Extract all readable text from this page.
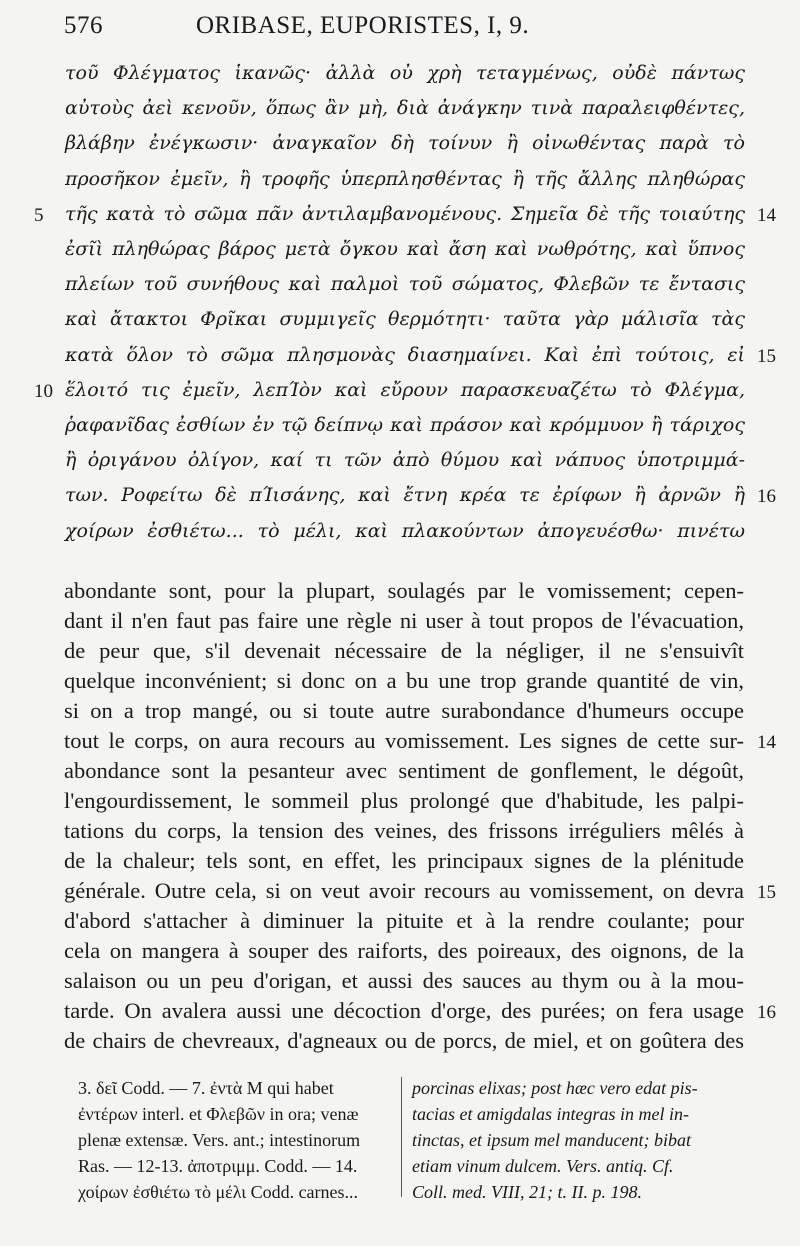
576	ORIBASE, EUPORISTES, I, 9.
τοῦ Φλέγματος ἱκανῶς· ἀλλὰ οὐ χρὴ τεταγμένως, οὐδὲ πάντως
αὐτοὺς ἀεὶ κενοῦν, ὅπως ἂν μὴ, διὰ ἀνάγκην τινὰ παραλειφθέντες,
βλάβην ἐνέγκωσιν· ἀναγκαῖον δὴ τοίνυν ἢ οἰνωθέντας παρὰ τὸ
προσῆκον ἐμεῖν, ἢ τροφῆς ὑπερπλησθέντας ἢ τῆς ἄλλης πληθώρας
τῆς κατὰ τὸ σῶμα πᾶν ἀντιλαμβανομένους. Σημεῖα δὲ τῆς τοιαύτης
ἐσῖὶ πληθώρας βάρος μετὰ ὄγκου καὶ ἄση καὶ νωθρότης, καὶ ὕπνος
πλείων τοῦ συνήθους καὶ παλμοὶ τοῦ σώματος, Φλεβῶν τε ἔντασις
καὶ ἄτακτοι Φρῖκαι συμμιγεῖς θερμότητι· ταῦτα γὰρ μάλισῖα τὰς
κατὰ ὅλον τὸ σῶμα πλησμονὰς διασημαίνει. Καὶ ἐπὶ τούτοις, εἰ
ἕλοιτό τις ἐμεῖν, λεπΊὸν καὶ εὔρουν παρασκευαζέτω τὸ Φλέγμα,
ῥαφανῖδας ἐσθίων ἐν τῷ δείπνῳ καὶ πράσον καὶ κρόμμυον ἢ τάριχος
ἢ ὀριγάνου ὀλίγον, καί τι τῶν ἀπὸ θύμου καὶ νάπυος ὑποτριμμά-
των. Ροφείτω δὲ πΊισάνης, καὶ ἔτνη κρέα τε ἐρίφων ἢ ἀρνῶν ἢ
χοίρων ἐσθιέτω... τὸ μέλι, καὶ πλακούντων ἀπογευέσθω· πινέτω
5
10
14
15
16
abondante sont, pour la plupart, soulagés par le vomissement; cepen-
dant il n'en faut pas faire une règle ni user à tout propos de l'évacuation,
de peur que, s'il devenait nécessaire de la négliger, il ne s'ensuivît
quelque inconvénient; si donc on a bu une trop grande quantité de vin,
si on a trop mangé, ou si toute autre surabondance d'humeurs occupe
tout le corps, on aura recours au vomissement. Les signes de cette sur-
abondance sont la pesanteur avec sentiment de gonflement, le dégoût,
l'engourdissement, le sommeil plus prolongé que d'habitude, les palpi-
tations du corps, la tension des veines, des frissons irréguliers mêlés à
de la chaleur; tels sont, en effet, les principaux signes de la plénitude
générale. Outre cela, si on veut avoir recours au vomissement, on devra
d'abord s'attacher à diminuer la pituite et à la rendre coulante; pour
cela on mangera à souper des raiforts, des poireaux, des oignons, de la
salaison ou un peu d'origan, et aussi des sauces au thym ou à la mou-
tarde. On avalera aussi une décoction d'orge, des purées; on fera usage
de chairs de chevreaux, d'agneaux ou de porcs, de miel, et on goûtera des
14
15
16
3. δεῖ Codd. — 7. ἐντὰ M qui habet
ἐντέρων interl. et Φλεβῶν in ora; venæ
plenæ extensæ. Vers. ant.; intestinorum
Ras. — 12-13. ἀποτριμμ. Codd. — 14.
χοίρων ἐσθιέτω τὸ μέλι Codd. carnes...
porcinas elixas; post hæc vero edat pis-
tacias et amigdalas integras in mel in-
tinctas, et ipsum mel manducent; bibat
etiam vinum dulcem. Vers. antiq. Cf.
Coll. med. VIII, 21; t. II. p. 198.
